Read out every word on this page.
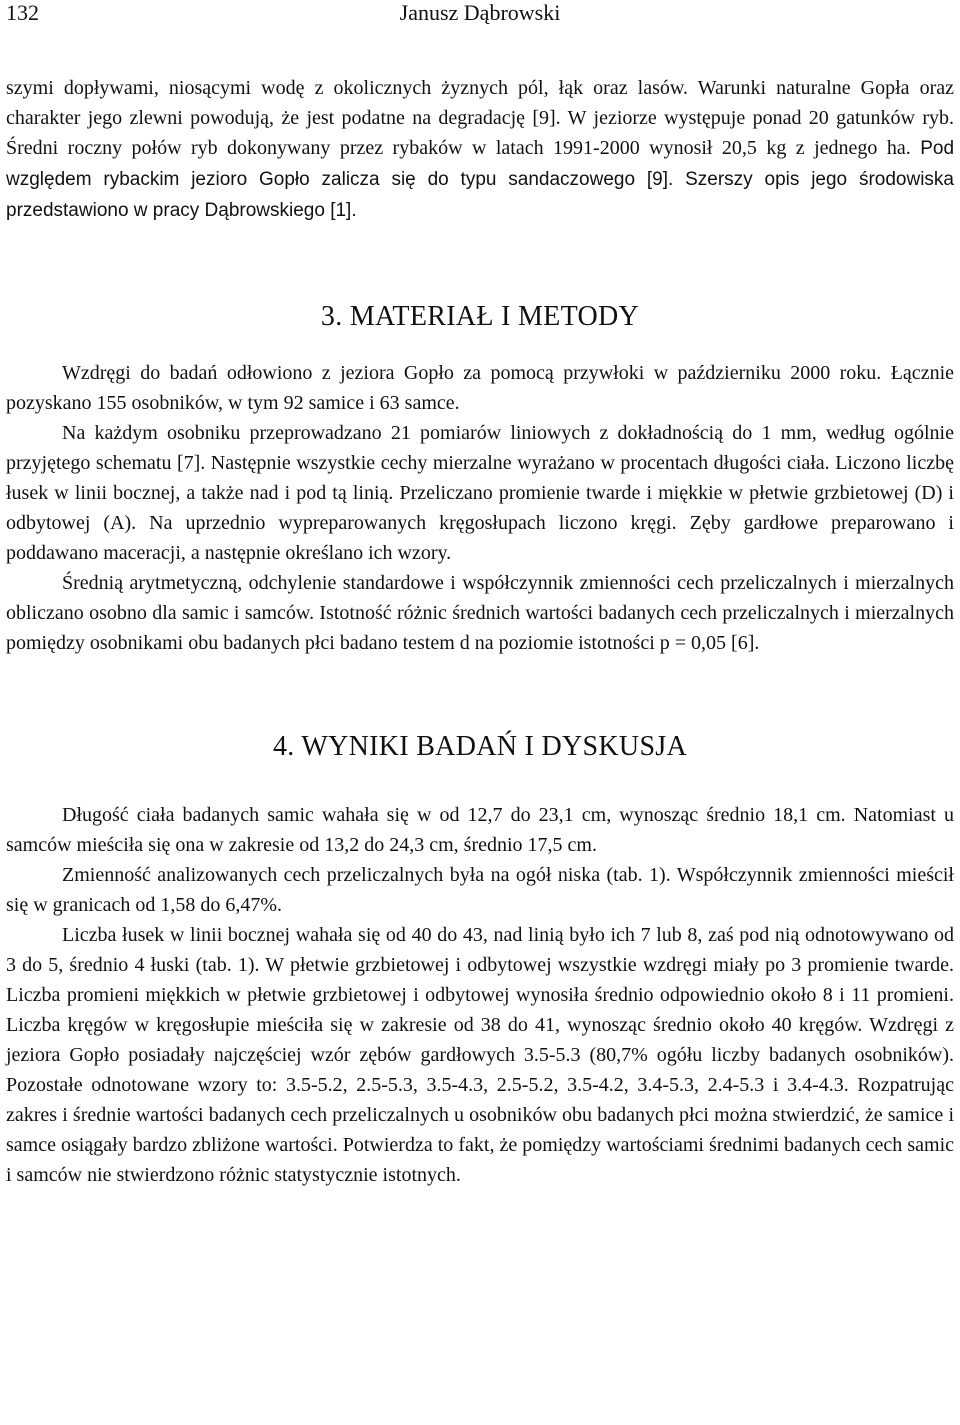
132	Janusz Dąbrowski

szymi dopływami, niosącymi wodę z okolicznych żyznych pól, łąk oraz lasów. Warunki naturalne Gopła oraz charakter jego zlewni powodują, że jest podatne na degradację [9]. W jeziorze występuje ponad 20 gatunków ryb. Średni roczny połów ryb dokonywany przez rybaków w latach 1991-2000 wynosił 20,5 kg z jednego ha. Pod względem rybackim jezioro Gopło zalicza się do typu sandaczowego [9]. Szerszy opis jego środowiska przedstawiono w pracy Dąbrowskiego [1].

3. MATERIAŁ I METODY

Wzdręgi do badań odłowiono z jeziora Gopło za pomocą przywłoki w październiku 2000 roku. Łącznie pozyskano 155 osobników, w tym 92 samice i 63 samce.

Na każdym osobniku przeprowadzano 21 pomiarów liniowych z dokładnością do 1 mm, według ogólnie przyjętego schematu [7]. Następnie wszystkie cechy mierzalne wyrażano w procentach długości ciała. Liczono liczbę łusek w linii bocznej, a także nad i pod tą linią. Przeliczano promienie twarde i miękkie w płetwie grzbietowej (D) i odbytowej (A). Na uprzednio wypreparowanych kręgosłupach liczono kręgi. Zęby gardłowe preparowano i poddawano maceracji, a następnie określano ich wzory.

Średnią arytmetyczną, odchylenie standardowe i współczynnik zmienności cech przeliczalnych i mierzalnych obliczano osobno dla samic i samców. Istotność różnic średnich wartości badanych cech przeliczalnych i mierzalnych pomiędzy osobnikami obu badanych płci badano testem d na poziomie istotności p = 0,05 [6].

4. WYNIKI BADAŃ I DYSKUSJA

Długość ciała badanych samic wahała się w od 12,7 do 23,1 cm, wynosząc średnio 18,1 cm. Natomiast u samców mieściła się ona w zakresie od 13,2 do 24,3 cm, średnio 17,5 cm.

Zmienność analizowanych cech przeliczalnych była na ogół niska (tab. 1). Współczynnik zmienności mieścił się w granicach od 1,58 do 6,47%.

Liczba łusek w linii bocznej wahała się od 40 do 43, nad linią było ich 7 lub 8, zaś pod nią odnotowywano od 3 do 5, średnio 4 łuski (tab. 1). W płetwie grzbietowej i odbytowej wszystkie wzdręgi miały po 3 promienie twarde. Liczba promieni miękkich w płetwie grzbietowej i odbytowej wynosiła średnio odpowiednio około 8 i 11 promieni. Liczba kręgów w kręgosłupie mieściła się w zakresie od 38 do 41, wynosząc średnio około 40 kręgów. Wzdręgi z jeziora Gopło posiadały najczęściej wzór zębów gardłowych 3.5-5.3 (80,7% ogółu liczby badanych osobników). Pozostałe odnotowane wzory to: 3.5-5.2, 2.5-5.3, 3.5-4.3, 2.5-5.2, 3.5-4.2, 3.4-5.3, 2.4-5.3 i 3.4-4.3. Rozpatrując zakres i średnie wartości badanych cech przeliczalnych u osobników obu badanych płci można stwierdzić, że samice i samce osiągały bardzo zbliżone wartości. Potwierdza to fakt, że pomiędzy wartościami średnimi badanych cech samic i samców nie stwierdzono różnic statystycznie istotnych.
